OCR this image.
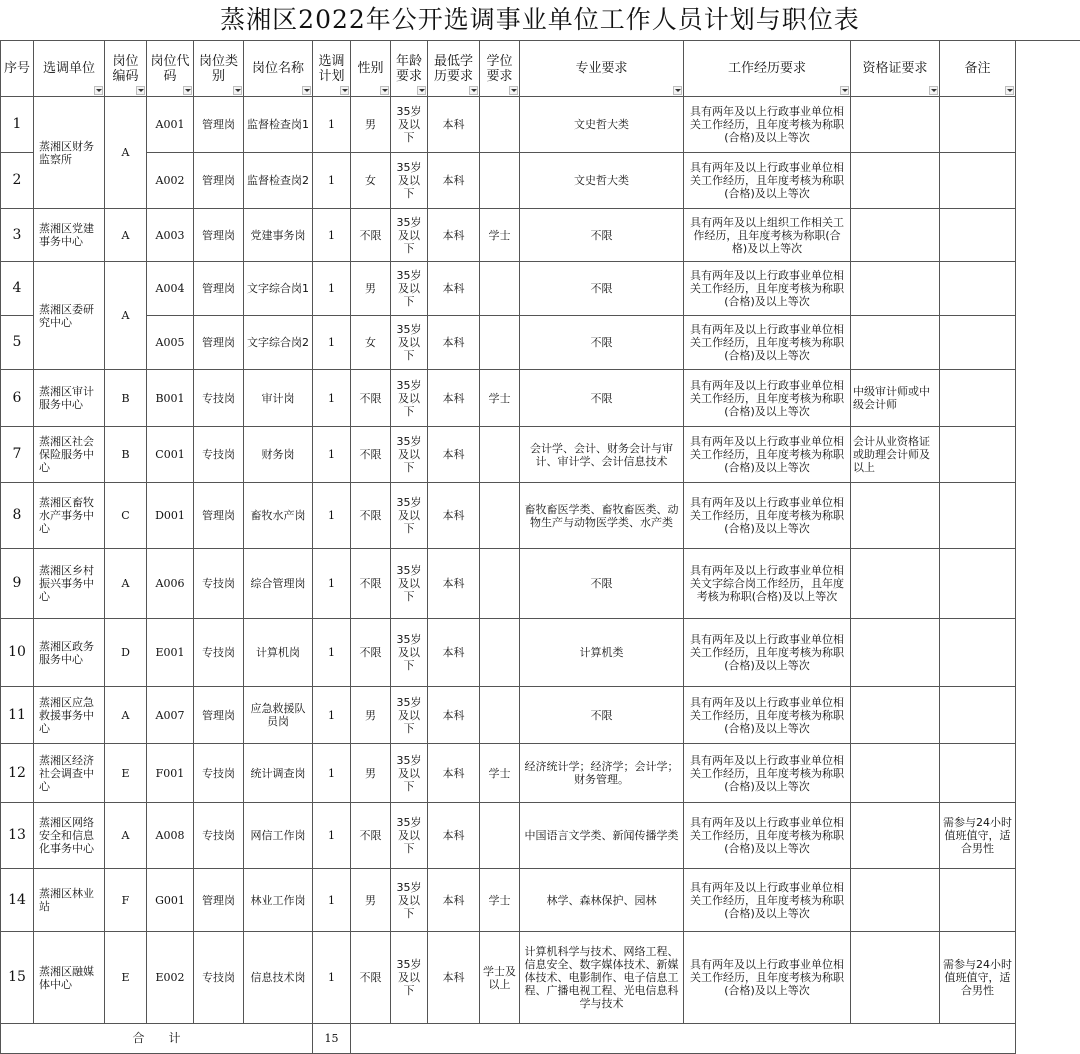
蒸湘区2022年公开选调事业单位工作人员计划与职位表
序号	选调单位	岗位编码	岗位代码	岗位类别	岗位名称	选调计划	性别	年龄要求	最低学历要求	学位要求	专业要求	工作经历要求	资格证要求	备注

1	蒸湘区财务监察所	A	A001	管理岗	监督检查岗1	1	男	35岁及以下	本科		文史哲大类	具有两年及以上行政事业单位相关工作经历，且年度考核为称职(合格)及以上等次		
2			A002	管理岗	监督检查岗2	1	女	35岁及以下	本科		文史哲大类	具有两年及以上行政事业单位相关工作经历，且年度考核为称职(合格)及以上等次		
3	蒸湘区党建事务中心	A	A003	管理岗	党建事务岗	1	不限	35岁及以下	本科	学士	不限	具有两年及以上组织工作相关工作经历，且年度考核为称职(合格)及以上等次		
4	蒸湘区委研究中心	A	A004	管理岗	文字综合岗1	1	男	35岁及以下	本科		不限	具有两年及以上行政事业单位相关工作经历，且年度考核为称职(合格)及以上等次		
5			A005	管理岗	文字综合岗2	1	女	35岁及以下	本科		不限	具有两年及以上行政事业单位相关工作经历，且年度考核为称职(合格)及以上等次		
6	蒸湘区审计服务中心	B	B001	专技岗	审计岗	1	不限	35岁及以下	本科	学士	不限	具有两年及以上行政事业单位相关工作经历，且年度考核为称职(合格)及以上等次	中级审计师或中级会计师	
7	蒸湘区社会保险服务中心	B	C001	专技岗	财务岗	1	不限	35岁及以下	本科		会计学、会计、财务会计与审计、审计学、会计信息技术	具有两年及以上行政事业单位相关工作经历，且年度考核为称职(合格)及以上等次	会计从业资格证或助理会计师及以上	
8	蒸湘区畜牧水产事务中心	C	D001	管理岗	畜牧水产岗	1	不限	35岁及以下	本科		畜牧畜医学类、畜牧畜医类、动物生产与动物医学类、水产类	具有两年及以上行政事业单位相关工作经历，且年度考核为称职(合格)及以上等次		
9	蒸湘区乡村振兴事务中心	A	A006	专技岗	综合管理岗	1	不限	35岁及以下	本科		不限	具有两年及以上行政事业单位相关文字综合岗工作经历，且年度考核为称职(合格)及以上等次		
10	蒸湘区政务服务中心	D	E001	专技岗	计算机岗	1	不限	35岁及以下	本科		计算机类	具有两年及以上行政事业单位相关工作经历，且年度考核为称职(合格)及以上等次		
11	蒸湘区应急救援事务中心	A	A007	管理岗	应急救援队员岗	1	男	35岁及以下	本科		不限	具有两年及以上行政事业单位相关工作经历，且年度考核为称职(合格)及以上等次		
12	蒸湘区经济社会调查中心	E	F001	专技岗	统计调查岗	1	男	35岁及以下	本科	学士	经济统计学；经济学；会计学；财务管理。	具有两年及以上行政事业单位相关工作经历，且年度考核为称职(合格)及以上等次		
13	蒸湘区网络安全和信息化事务中心	A	A008	专技岗	网信工作岗	1	不限	35岁及以下	本科		中国语言文学类、新闻传播学类	具有两年及以上行政事业单位相关工作经历，且年度考核为称职(合格)及以上等次		需参与24小时值班值守，适合男性
14	蒸湘区林业站	F	G001	管理岗	林业工作岗	1	男	35岁及以下	本科	学士	林学、森林保护、园林	具有两年及以上行政事业单位相关工作经历，且年度考核为称职(合格)及以上等次		
15	蒸湘区融媒体中心	E	E002	专技岗	信息技术岗	1	不限	35岁及以下	本科	学士及以上	计算机科学与技术、网络工程、信息安全、数字媒体技术、新媒体技术、电影制作、电子信息工程、广播电视工程、光电信息科学与技术	具有两年及以上行政事业单位相关工作经历，且年度考核为称职(合格)及以上等次		需参与24小时值班值守，适合男性
合　　计						15								
